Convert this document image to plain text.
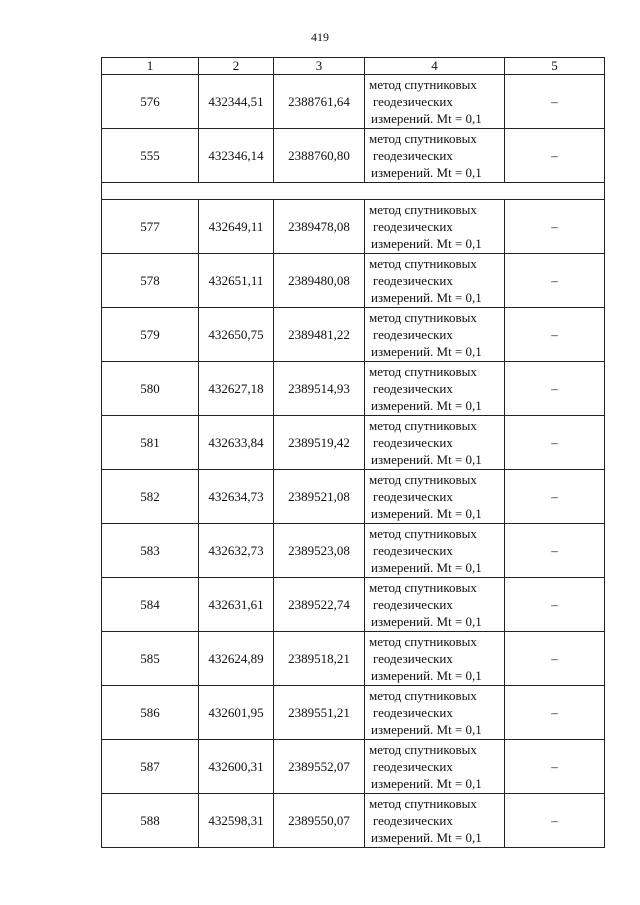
419
1	2	3	4	5
576	432344,51	2388761,64	метод спутниковых
геодезических
измерений. Mt = 0,1	–
555	432346,14	2388760,80	метод спутниковых
геодезических
измерений. Mt = 0,1	–

577	432649,11	2389478,08	метод спутниковых
геодезических
измерений. Mt = 0,1	–
578	432651,11	2389480,08	метод спутниковых
геодезических
измерений. Mt = 0,1	–
579	432650,75	2389481,22	метод спутниковых
геодезических
измерений. Mt = 0,1	–
580	432627,18	2389514,93	метод спутниковых
геодезических
измерений. Mt = 0,1	–
581	432633,84	2389519,42	метод спутниковых
геодезических
измерений. Mt = 0,1	–
582	432634,73	2389521,08	метод спутниковых
геодезических
измерений. Mt = 0,1	–
583	432632,73	2389523,08	метод спутниковых
геодезических
измерений. Mt = 0,1	–
584	432631,61	2389522,74	метод спутниковых
геодезических
измерений. Mt = 0,1	–
585	432624,89	2389518,21	метод спутниковых
геодезических
измерений. Mt = 0,1	–
586	432601,95	2389551,21	метод спутниковых
геодезических
измерений. Mt = 0,1	–
587	432600,31	2389552,07	метод спутниковых
геодезических
измерений. Mt = 0,1	–
588	432598,31	2389550,07	метод спутниковых
геодезических
измерений. Mt = 0,1	–
